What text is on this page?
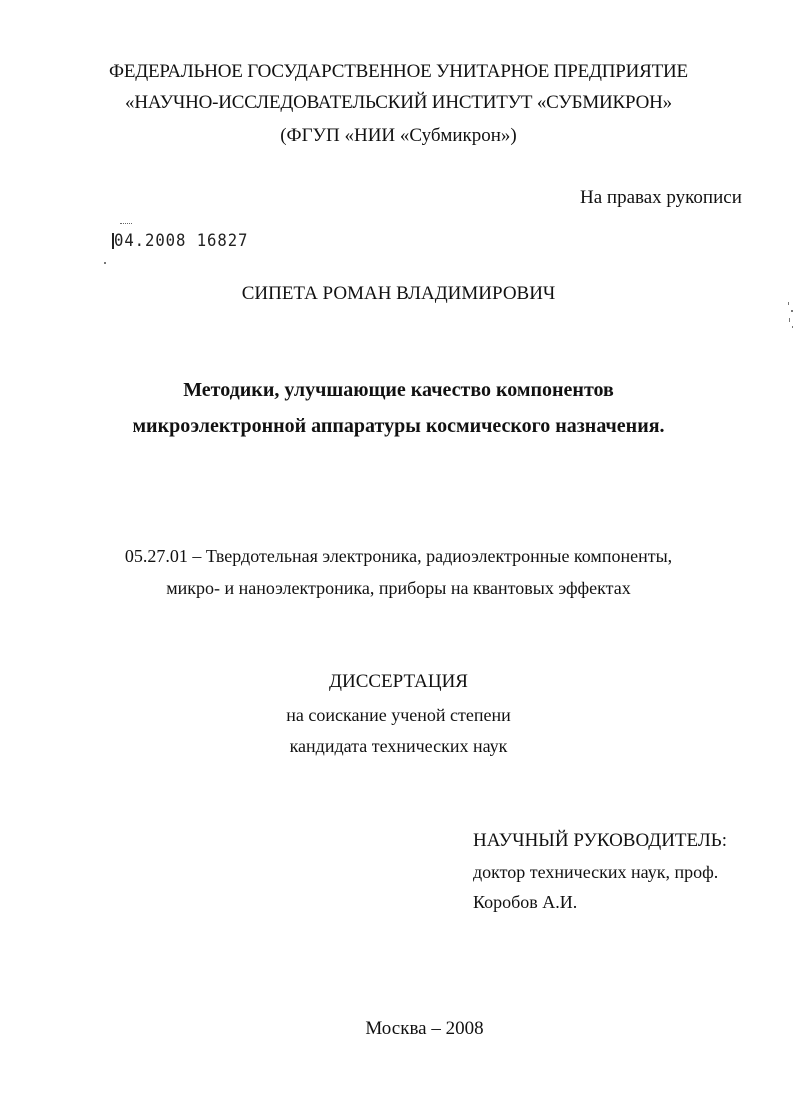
ФЕДЕРАЛЬНОЕ ГОСУДАРСТВЕННОЕ УНИТАРНОЕ ПРЕДПРИЯТИЕ
«НАУЧНО-ИССЛЕДОВАТЕЛЬСКИЙ ИНСТИТУТ «СУБМИКРОН»
(ФГУП «НИИ «Субмикрон»)
На правах рукописи
04.2008 16827
СИПЕТА РОМАН ВЛАДИМИРОВИЧ
Методики, улучшающие качество компонентов
микроэлектронной аппаратуры космического назначения.
05.27.01 – Твердотельная электроника, радиоэлектронные компоненты,
микро- и наноэлектроника, приборы на квантовых эффектах
ДИССЕРТАЦИЯ
на соискание ученой степени
кандидата технических наук
НАУЧНЫЙ РУКОВОДИТЕЛЬ:
доктор технических наук, проф.
Коробов А.И.
Москва – 2008
